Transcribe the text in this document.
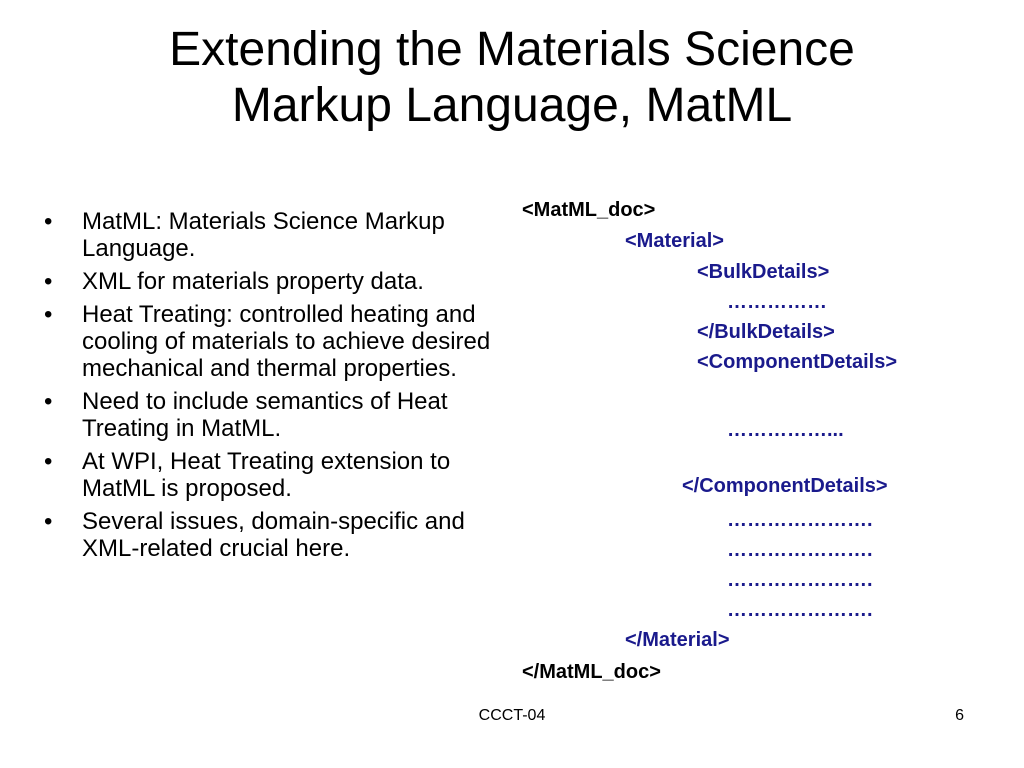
Extending the Materials Science
Markup Language, MatML
•	MatML: Materials Science Markup Language.
•	XML for materials property data.
•	Heat Treating: controlled heating and cooling of materials to achieve desired mechanical and thermal properties.
•	Need to include semantics of Heat Treating in MatML.
•	At WPI, Heat Treating extension to MatML is proposed.
•	Several issues, domain-specific and XML-related crucial here.
<MatML_doc>
<Material>
<BulkDetails>
……………
</BulkDetails>
<ComponentDetails>
……………...
</ComponentDetails>
………………….
………………….
………………….
………………….
</Material>
</MatML_doc>
CCCT-04	6
